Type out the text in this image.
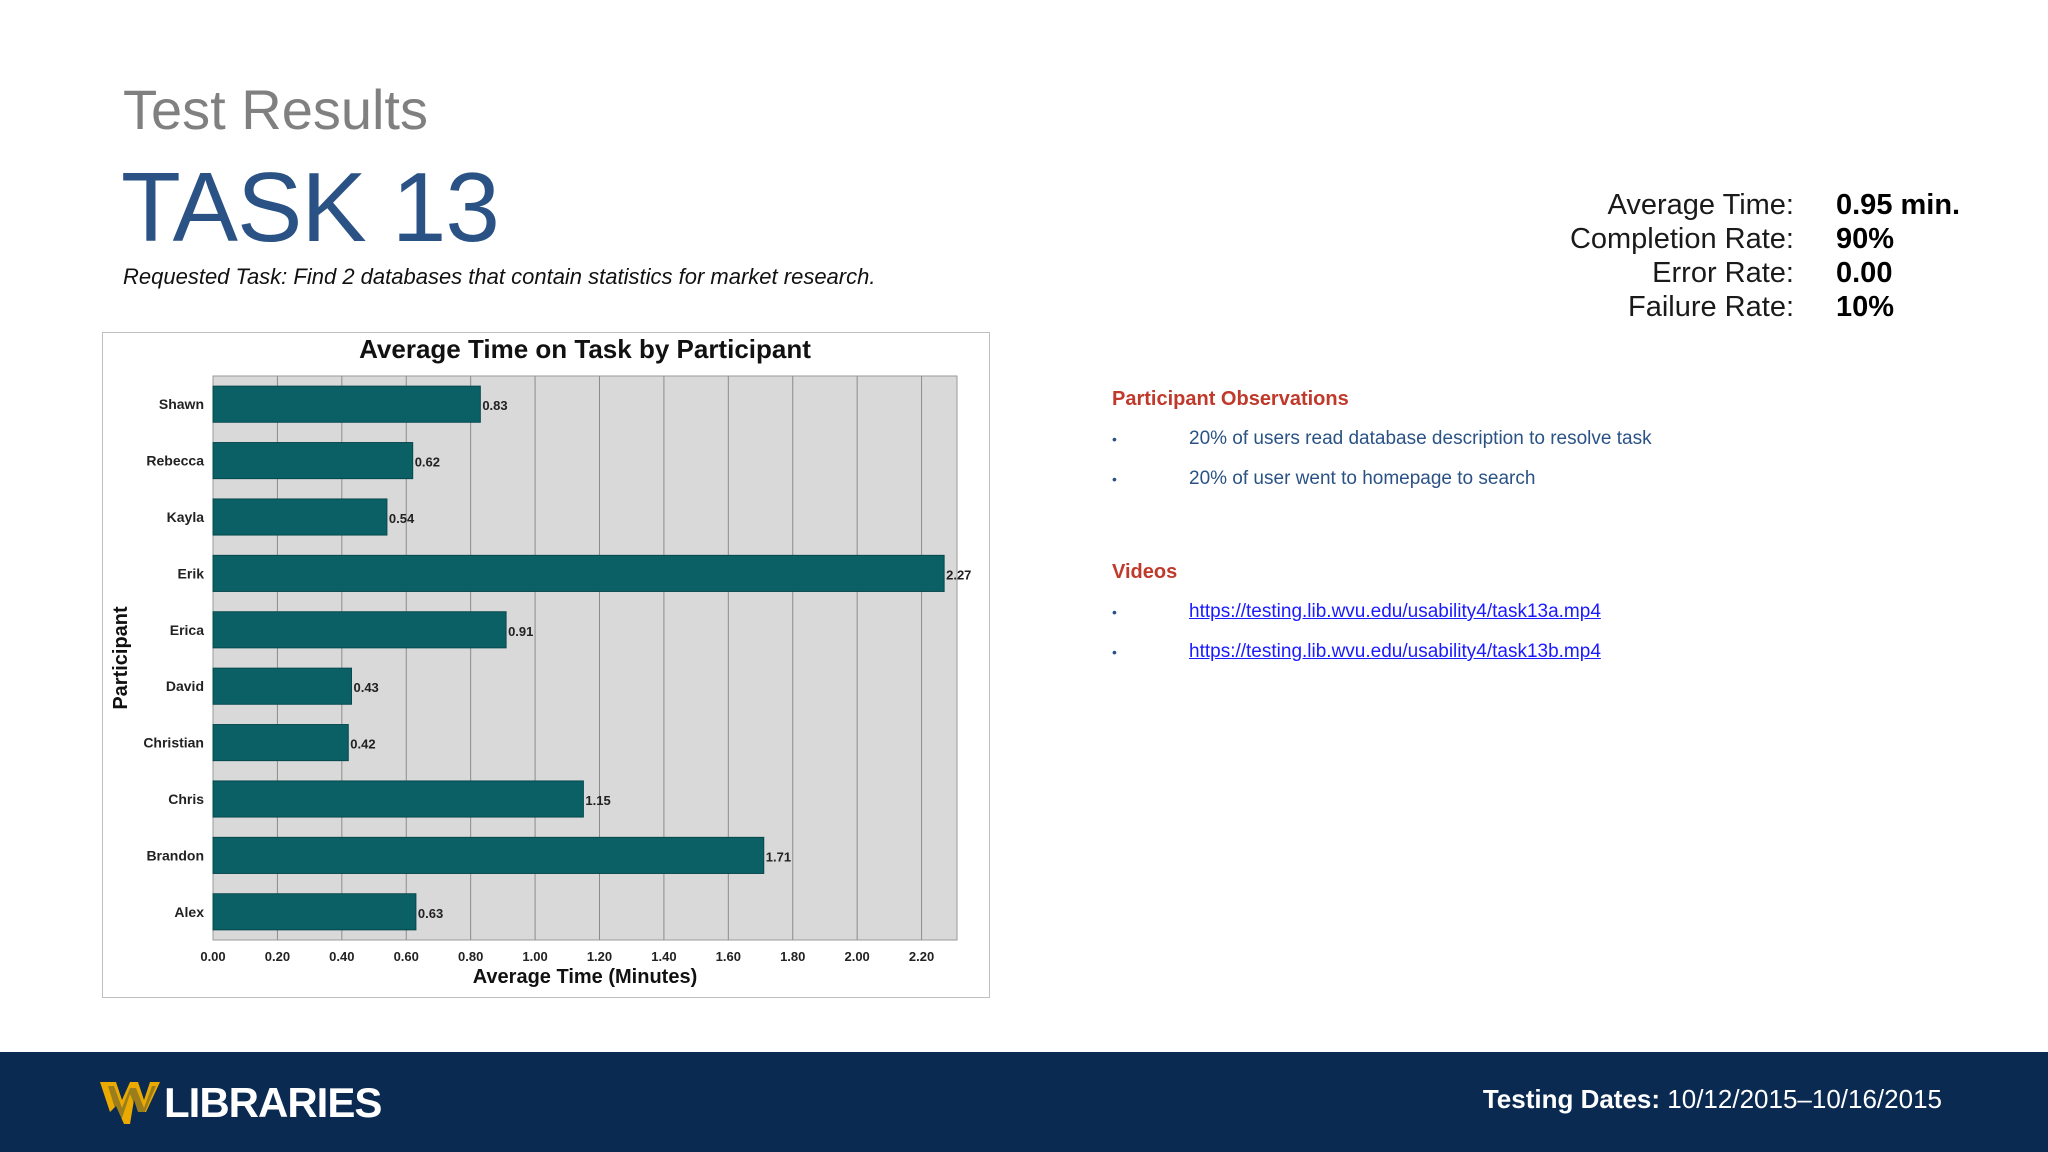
Test Results
TASK 13
Requested Task: Find 2 databases that contain statistics for market research.
Average Time: 0.95 min.
Completion Rate: 90%
Error Rate: 0.00
Failure Rate: 10%
Average Time on Task by Participant
0.00	0.20	0.40	0.60	0.80	1.00	1.20	1.40	1.60	1.80	2.00	2.20
Shawn	0.83
Rebecca	0.62
Kayla	0.54
Erik	2.27
Erica	0.91
David	0.43
Christian	0.42
Chris	1.15
Brandon	1.71
Alex	0.63
Average Time (Minutes)
Participant
Participant Observations
•	20% of users read database description to resolve task
•	20% of user went to homepage to search
Videos
•	https://testing.lib.wvu.edu/usability4/task13a.mp4
•	https://testing.lib.wvu.edu/usability4/task13b.mp4
LIBRARIES	Testing Dates: 10/12/2015–10/16/2015
